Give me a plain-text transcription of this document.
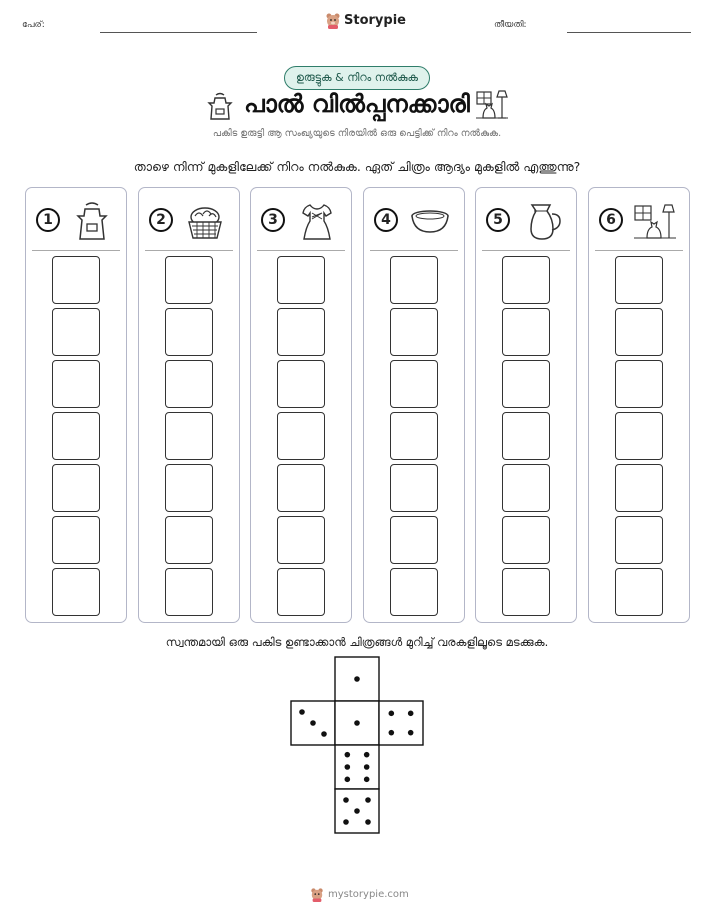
പേര്:	Storypie	തീയതി:
ഉരുട്ടുക & നിറം നൽകുക
പാൽ വിൽപ്പനക്കാരി
പകിട ഉരുട്ടി ആ സംഖ്യയുടെ നിരയിൽ ഒരു പെട്ടിക്ക് നിറം നൽകുക.
താഴെ നിന്ന് മുകളിലേക്ക് നിറം നൽകുക. ഏത് ചിത്രം ആദ്യം മുകളിൽ എത്തുന്നു?
1	2	3	4	5	6
സ്വന്തമായി ഒരു പകിട ഉണ്ടാക്കാൻ ചിത്രങ്ങൾ മുറിച്ച് വരകളിലൂടെ മടക്കുക.
mystorypie.com
